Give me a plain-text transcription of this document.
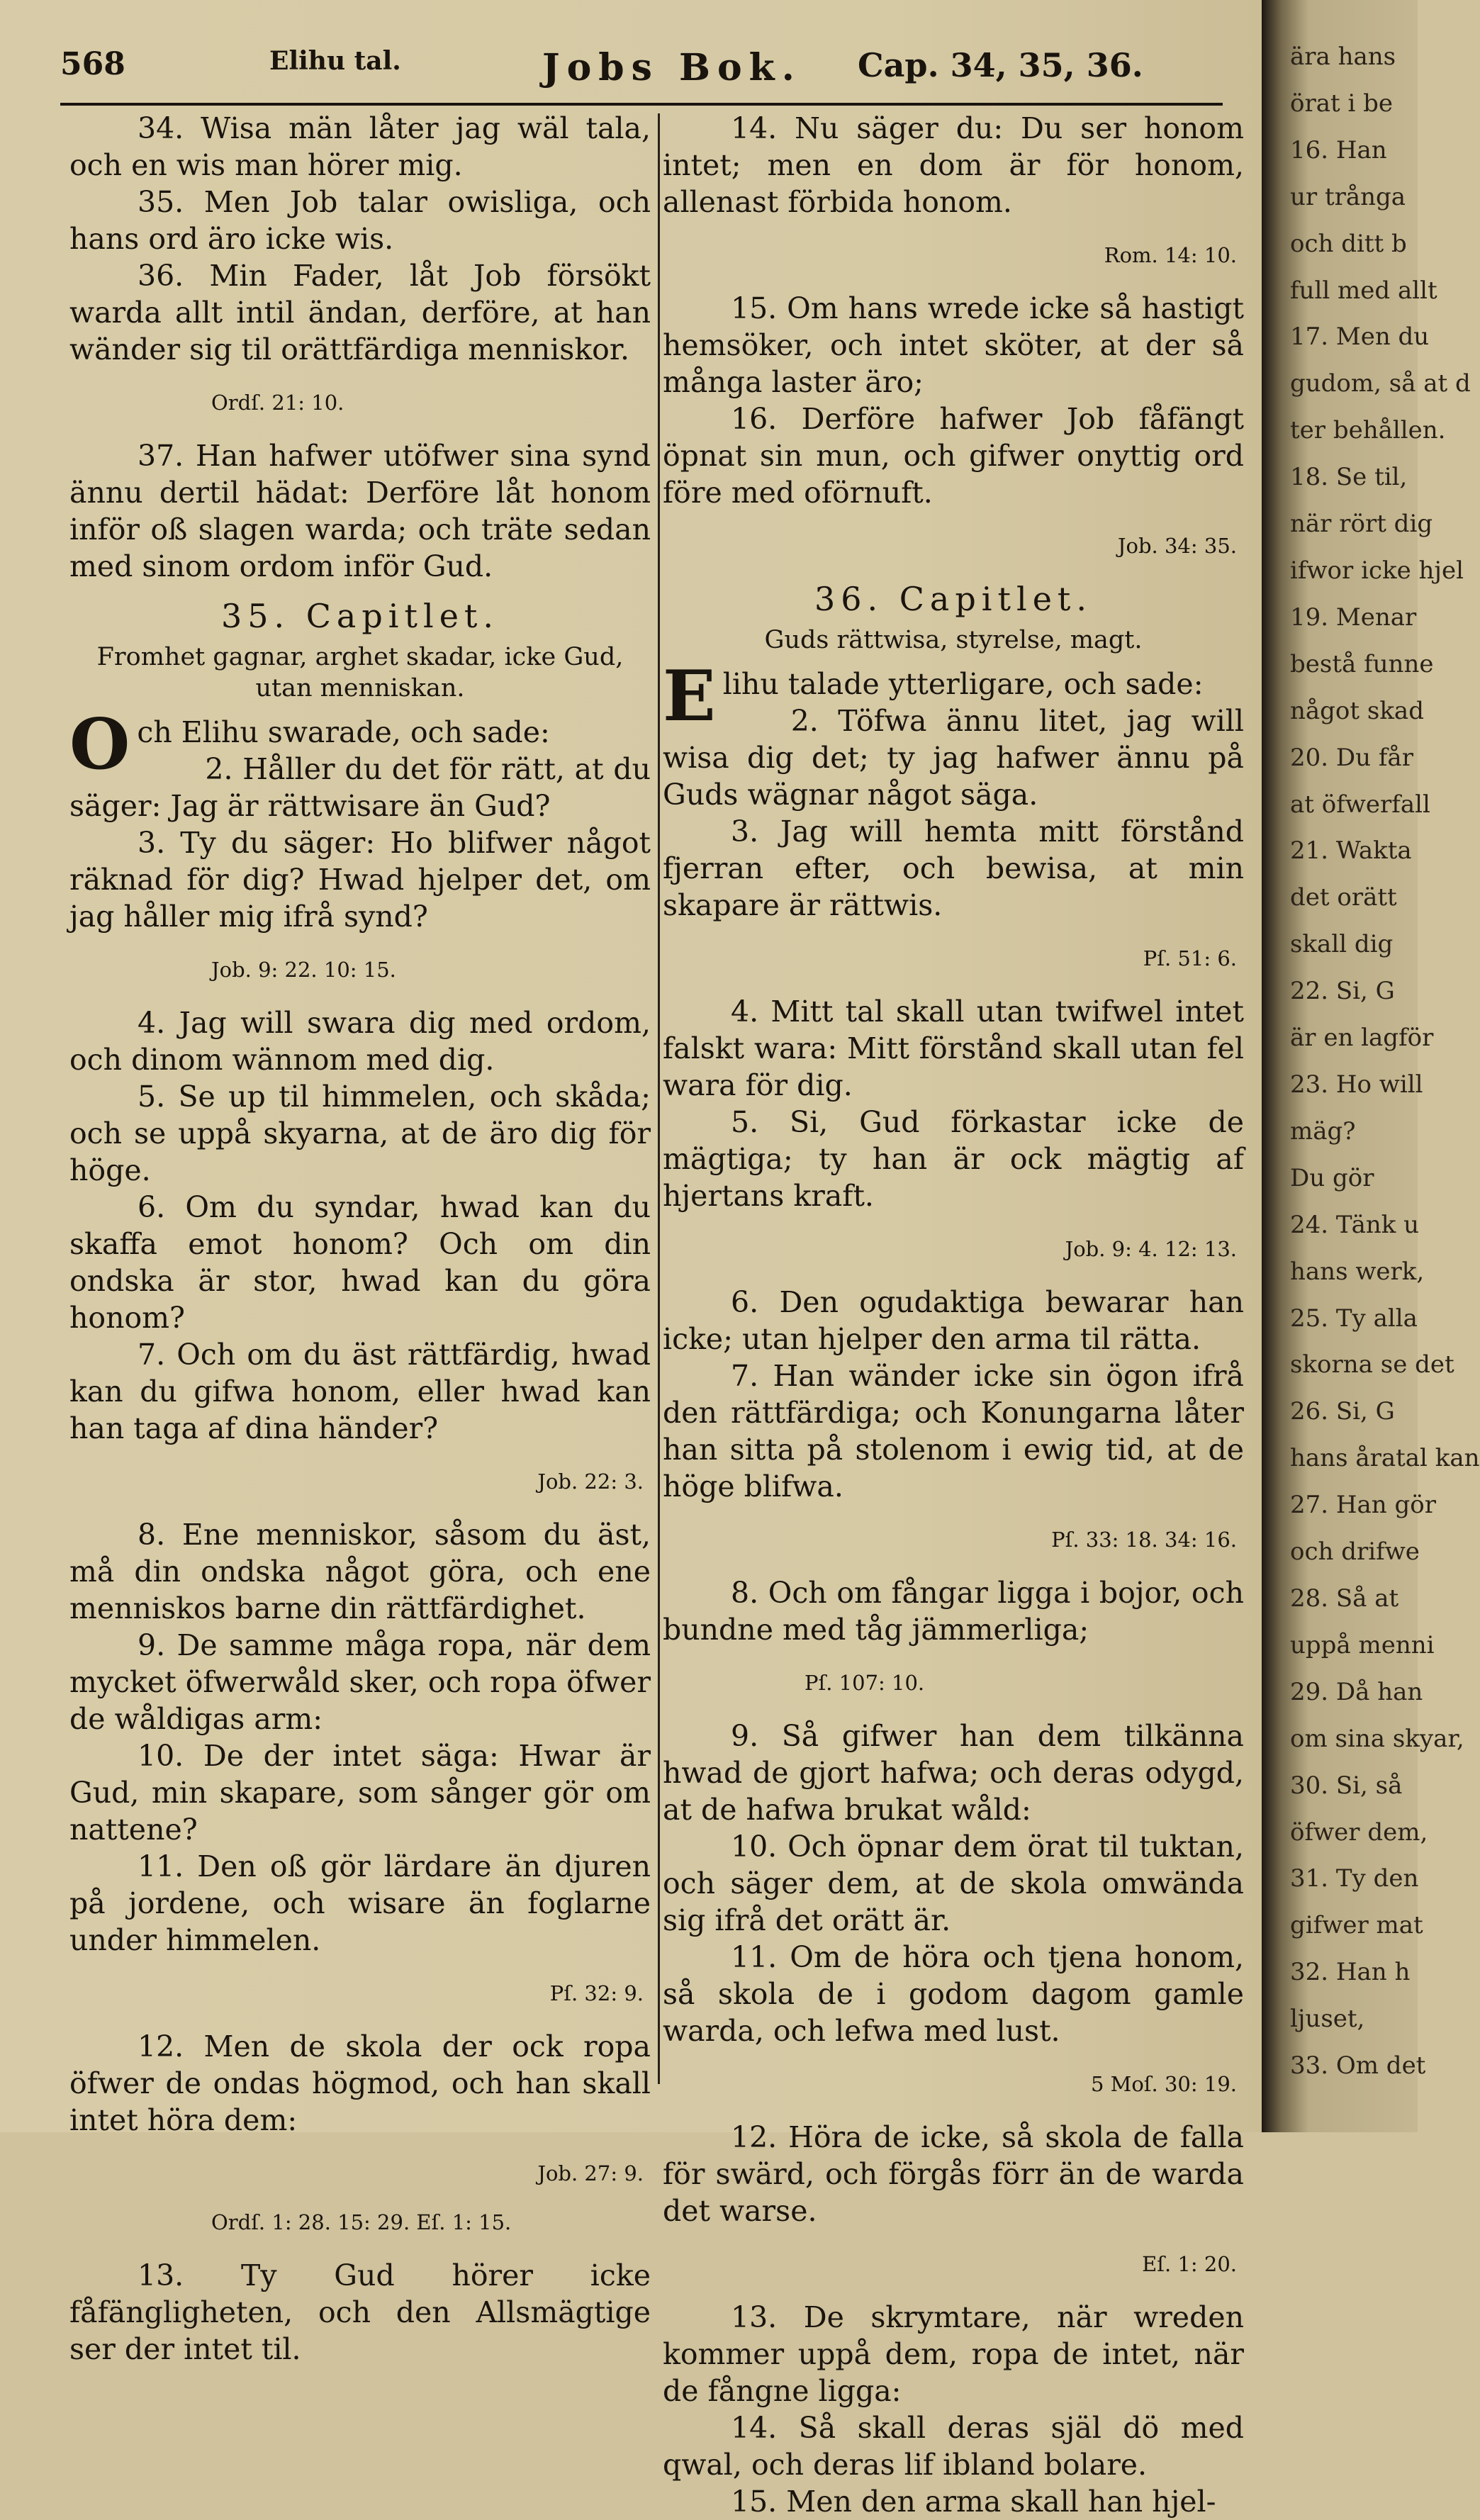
568	Elihu tal.	Jobs Bok. Cap. 34, 35, 36.

34. Wisa män låter jag wäl tala, och en wis man hörer mig.

35. Men Job talar owisliga, och hans ord äro icke wis.

36. Min Fader, låt Job försökt warda allt intil ändan, derföre, at han wänder sig til orättfärdiga menniskor.

Ordſ. 21: 10.

37. Han hafwer utöfwer sina synd ännu dertil hädat: Derföre låt honom inför oß slagen warda; och träte sedan med sinom ordom inför Gud.

35. Capitlet.

Fromhet gagnar, arghet skadar, icke Gud, utan menniskan.

Och Elihu swarade, och sade:

2. Håller du det för rätt, at du säger: Jag är rättwisare än Gud?

3. Ty du säger: Ho blifwer något räknad för dig? Hwad hjelper det, om jag håller mig ifrå synd?

Job. 9: 22. 10: 15.

4. Jag will swara dig med ordom, och dinom wännom med dig.

5. Se up til himmelen, och skåda; och se uppå skyarna, at de äro dig för höge.

6. Om du syndar, hwad kan du skaffa emot honom? Och om din ondska är stor, hwad kan du göra honom?

7. Och om du äst rättfärdig, hwad kan du gifwa honom, eller hwad kan han taga af dina händer?

Job. 22: 3.

8. Ene menniskor, såsom du äst, må din ondska något göra, och ene menniskos barne din rättfärdighet.

9. De samme måga ropa, när dem mycket öfwerwåld sker, och ropa öfwer de wåldigas arm:

10. De der intet säga: Hwar är Gud, min skapare, som sånger gör om nattene?

11. Den oß gör lärdare än djuren på jordene, och wisare än foglarne under himmelen.

Pſ. 32: 9.

12. Men de skola der ock ropa öfwer de ondas högmod, och han skall intet höra dem:

Job. 27: 9.

Ordſ. 1: 28. 15: 29. Eſ. 1: 15.

13. Ty Gud hörer icke fåfängligheten, och den Allsmägtige ser der intet til.

14. Nu säger du: Du ser honom intet; men en dom är för honom, allenast förbida honom.

Rom. 14: 10.

15. Om hans wrede icke så hastigt hemsöker, och intet sköter, at der så många laster äro;

16. Derföre hafwer Job fåfängt öpnat sin mun, och gifwer onyttig ord före med oförnuft.

Job. 34: 35.

36. Capitlet.

Guds rättwisa, styrelse, magt.

Elihu talade ytterligare, och sade:

2. Töfwa ännu litet, jag will wisa dig det; ty jag hafwer ännu på Guds wägnar något säga.

3. Jag will hemta mitt förstånd fjerran efter, och bewisa, at min skapare är rättwis.

Pſ. 51: 6.

4. Mitt tal skall utan twifwel intet falskt wara: Mitt förstånd skall utan fel wara för dig.

5. Si, Gud förkastar icke de mägtiga; ty han är ock mägtig af hjertans kraft.

Job. 9: 4. 12: 13.

6. Den ogudaktiga bewarar han icke; utan hjelper den arma til rätta.

7. Han wänder icke sin ögon ifrå den rättfärdiga; och Konungarna låter han sitta på stolenom i ewig tid, at de höge blifwa.

Pſ. 33: 18. 34: 16.

8. Och om fångar ligga i bojor, och bundne med tåg jämmerliga;

Pſ. 107: 10.

9. Så gifwer han dem tilkänna hwad de gjort hafwa; och deras odygd, at de hafwa brukat wåld:

10. Och öpnar dem örat til tuktan, och säger dem, at de skola omwända sig ifrå det orätt är.

11. Om de höra och tjena honom, så skola de i godom dagom gamle warda, och lefwa med lust.

5 Moſ. 30: 19.

12. Höra de icke, så skola de falla för swärd, och förgås förr än de warda det warse.

Eſ. 1: 20.

13. De skrymtare, när wreden kommer uppå dem, ropa de intet, när de fångne ligga:

14. Så skall deras själ dö med qwal, och deras lif ibland bolare.

15. Men den arma skall han hjel-

ära hans
örat i be
16. Han
ur trånga
och ditt b
full med allt
17. Men du
gudom, så at d
ter behållen.
18. Se til,
när rört dig
ifwor icke hjel
19. Menar
bestå funne
något skad
20. Du får
at öfwerfall
21. Wakta
det orätt
skall dig
22. Si, G
är en lagför
23. Ho will
mäg?
Du gör
24. Tänk u
hans werk,
25. Ty alla
skorna se det
26. Si, G
hans åratal kan
27. Han gör
och drifwe
28. Så at
uppå menni
29. Då han
om sina skyar,
30. Si, så
öfwer dem,
31. Ty den
gifwer mat
32. Han h
ljuset,
33. Om det
